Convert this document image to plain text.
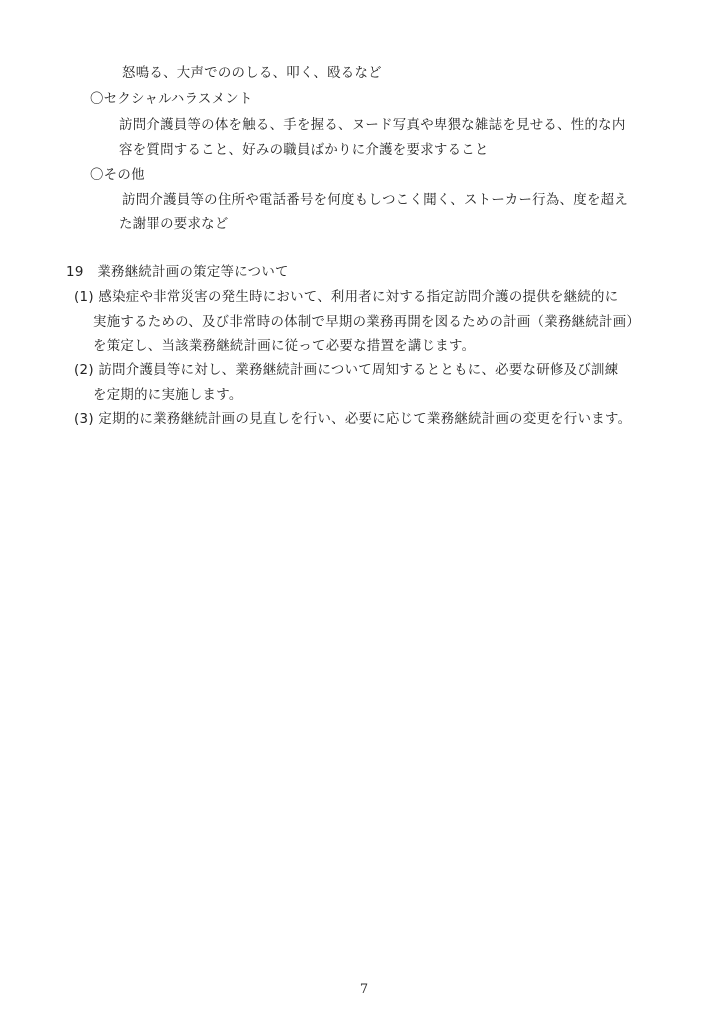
怒鳴る、大声でののしる、叩く、殴るなど
〇セクシャルハラスメント
訪問介護員等の体を触る、手を握る、ヌード写真や卑猥な雑誌を見せる、性的な内
容を質問すること、好みの職員ばかりに介護を要求すること
〇その他
訪問介護員等の住所や電話番号を何度もしつこく聞く、ストーカー行為、度を超え
た謝罪の要求など
19　業務継続計画の策定等について
(1) 感染症や非常災害の発生時において、利用者に対する指定訪問介護の提供を継続的に
実施するための、及び非常時の体制で早期の業務再開を図るための計画（業務継続計画）
を策定し、当該業務継続計画に従って必要な措置を講じます。
(2) 訪問介護員等に対し、業務継続計画について周知するとともに、必要な研修及び訓練
を定期的に実施します。
(3) 定期的に業務継続計画の見直しを行い、必要に応じて業務継続計画の変更を行います。
7
